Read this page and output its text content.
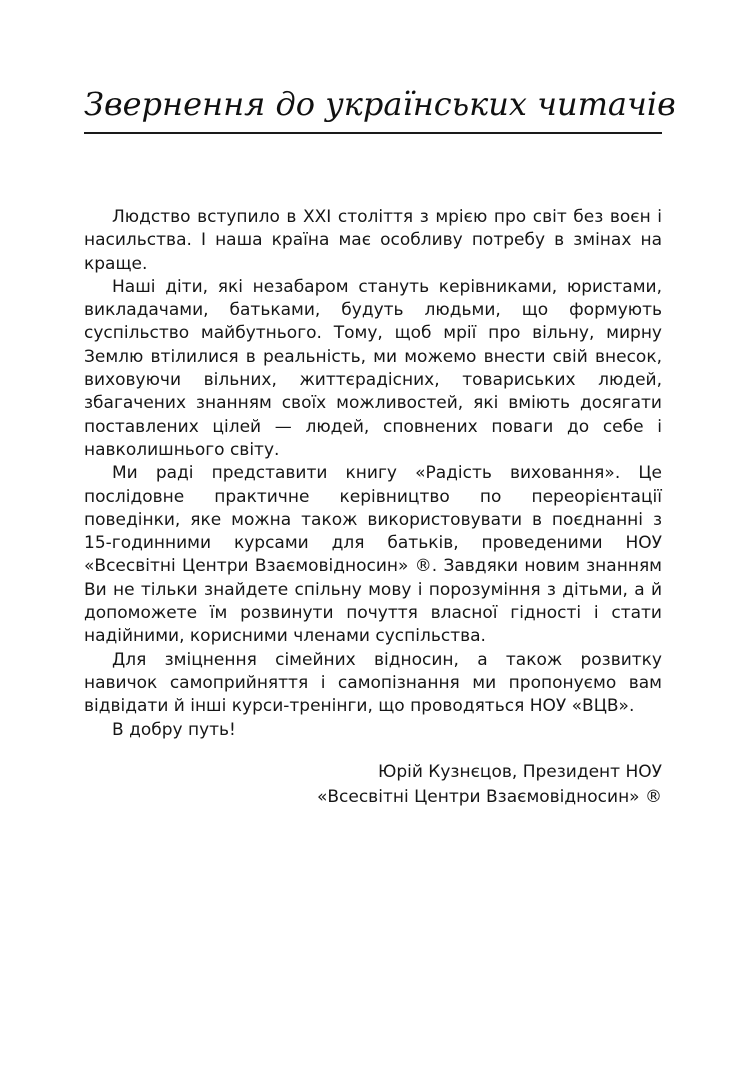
Звернення до українських читачів

Людство вступило в ХХІ століття з мрією про світ без воєн і насильства. І наша країна має особливу потребу в змінах на краще.

Наші діти, які незабаром стануть керівниками, юристами, викладачами, батьками, будуть людьми, що формують суспільство майбутнього. Тому, щоб мрії про вільну, мирну Землю втілилися в реальність, ми можемо внести свій внесок, виховуючи вільних, життєрадісних, товариських людей, збагачених знанням своїх можливостей, які вміють досягати поставлених цілей — людей, сповнених поваги до себе і навколишнього світу.

Ми раді представити книгу «Радість виховання». Це послідовне практичне керівництво по переорієнтації поведінки, яке можна також використовувати в поєднанні з 15-годинними курсами для батьків, проведеними НОУ «Всесвітні Центри Взаємовідносин» ®. Завдяки новим знанням Ви не тільки знайдете спільну мову і порозуміння з дітьми, а й допоможете їм розвинути почуття власної гідності і стати надійними, корисними членами суспільства.

Для зміцнення сімейних відносин, а також розвитку навичок самоприйняття і самопізнання ми пропонуємо вам відвідати й інші курси-тренінги, що проводяться НОУ «ВЦВ».

В добру путь!

Юрій Кузнєцов, Президент НОУ
«Всесвітні Центри Взаємовідносин» ®
